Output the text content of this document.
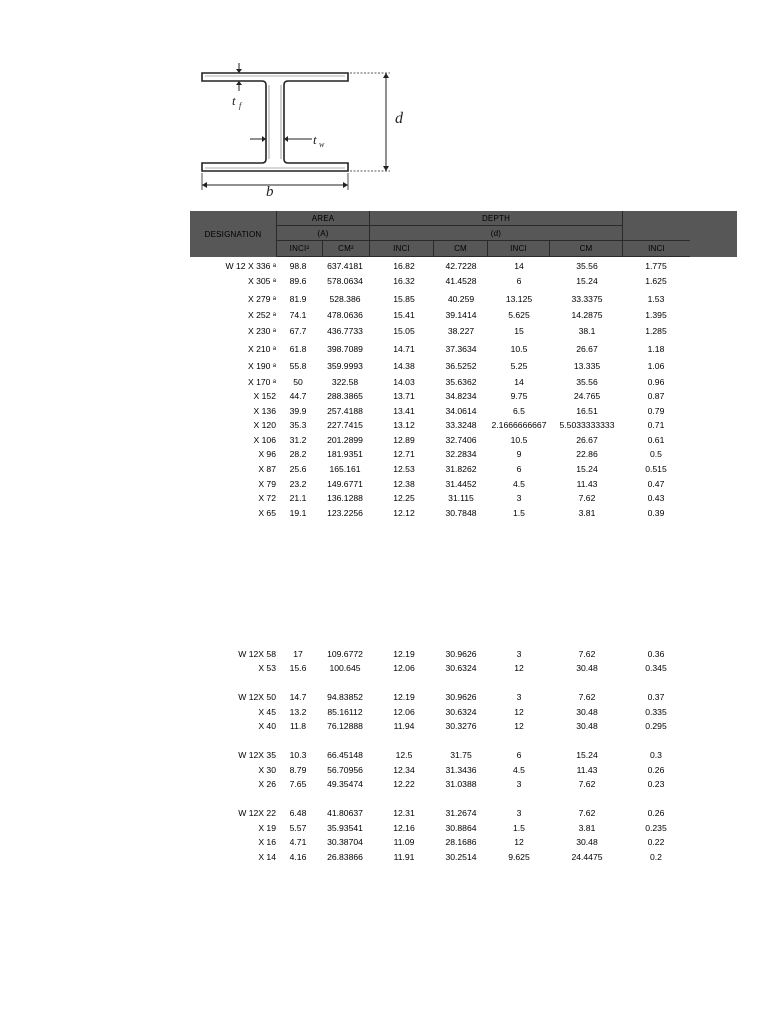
t f
t w
d
b
DESIGNATION
AREA
(A)
DEPTH
(d)
INCI²	CM²	INCI	CM	INCI	CM	INCI
W 12 X 336 ᵃ	98.8	637.4181	16.82	42.7228	14	35.56	1.775
X 305 ᵃ	89.6	578.0634	16.32	41.4528	6	15.24	1.625
X 279 ᵃ	81.9	528.386	15.85	40.259	13.125	33.3375	1.53
X 252 ᵃ	74.1	478.0636	15.41	39.1414	5.625	14.2875	1.395
X 230 ᵃ	67.7	436.7733	15.05	38.227	15	38.1	1.285
X 210 ᵃ	61.8	398.7089	14.71	37.3634	10.5	26.67	1.18
X 190 ᵃ	55.8	359.9993	14.38	36.5252	5.25	13.335	1.06
X 170 ᵃ	50	322.58	14.03	35.6362	14	35.56	0.96
X 152	44.7	288.3865	13.71	34.8234	9.75	24.765	0.87
X 136	39.9	257.4188	13.41	34.0614	6.5	16.51	0.79
X 120	35.3	227.7415	13.12	33.3248	2.1666666667	5.5033333333	0.71
X 106	31.2	201.2899	12.89	32.7406	10.5	26.67	0.61
X 96	28.2	181.9351	12.71	32.2834	9	22.86	0.5
X 87	25.6	165.161	12.53	31.8262	6	15.24	0.515
X 79	23.2	149.6771	12.38	31.4452	4.5	11.43	0.47
X 72	21.1	136.1288	12.25	31.115	3	7.62	0.43
X 65	19.1	123.2256	12.12	30.7848	1.5	3.81	0.39
W 12X 58	17	109.6772	12.19	30.9626	3	7.62	0.36
X 53	15.6	100.645	12.06	30.6324	12	30.48	0.345
W 12X 50	14.7	94.83852	12.19	30.9626	3	7.62	0.37
X 45	13.2	85.16112	12.06	30.6324	12	30.48	0.335
X 40	11.8	76.12888	11.94	30.3276	12	30.48	0.295
W 12X 35	10.3	66.45148	12.5	31.75	6	15.24	0.3
X 30	8.79	56.70956	12.34	31.3436	4.5	11.43	0.26
X 26	7.65	49.35474	12.22	31.0388	3	7.62	0.23
W 12X 22	6.48	41.80637	12.31	31.2674	3	7.62	0.26
X 19	5.57	35.93541	12.16	30.8864	1.5	3.81	0.235
X 16	4.71	30.38704	11.09	28.1686	12	30.48	0.22
X 14	4.16	26.83866	11.91	30.2514	9.625	24.4475	0.2
